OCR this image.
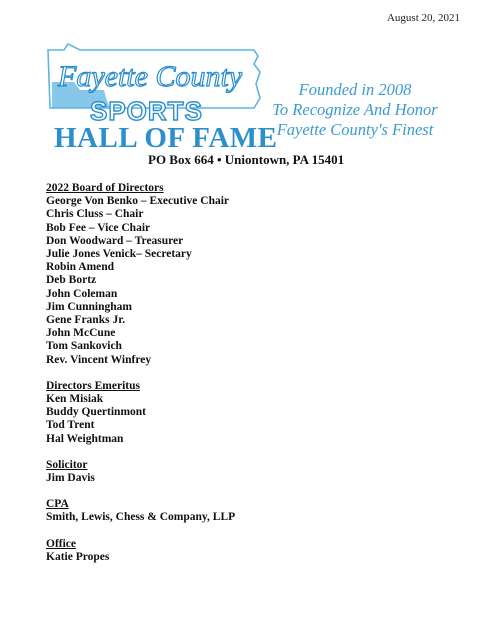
August 20, 2021
Fayette County
SPORTS
Founded in 2008
To Recognize And Honor
Fayette County's Finest
HALL OF FAME
PO Box 664 • Uniontown, PA 15401
2022 Board of Directors
George Von Benko – Executive Chair
Chris Cluss – Chair
Bob Fee – Vice Chair
Don Woodward – Treasurer
Julie Jones Venick– Secretary
Robin Amend
Deb Bortz
John Coleman
Jim Cunningham
Gene Franks Jr.
John McCune
Tom Sankovich
Rev. Vincent Winfrey
Directors Emeritus
Ken Misiak
Buddy Quertinmont
Tod Trent
Hal Weightman
Solicitor
Jim Davis
CPA
Smith, Lewis, Chess & Company, LLP
Office
Katie Propes
